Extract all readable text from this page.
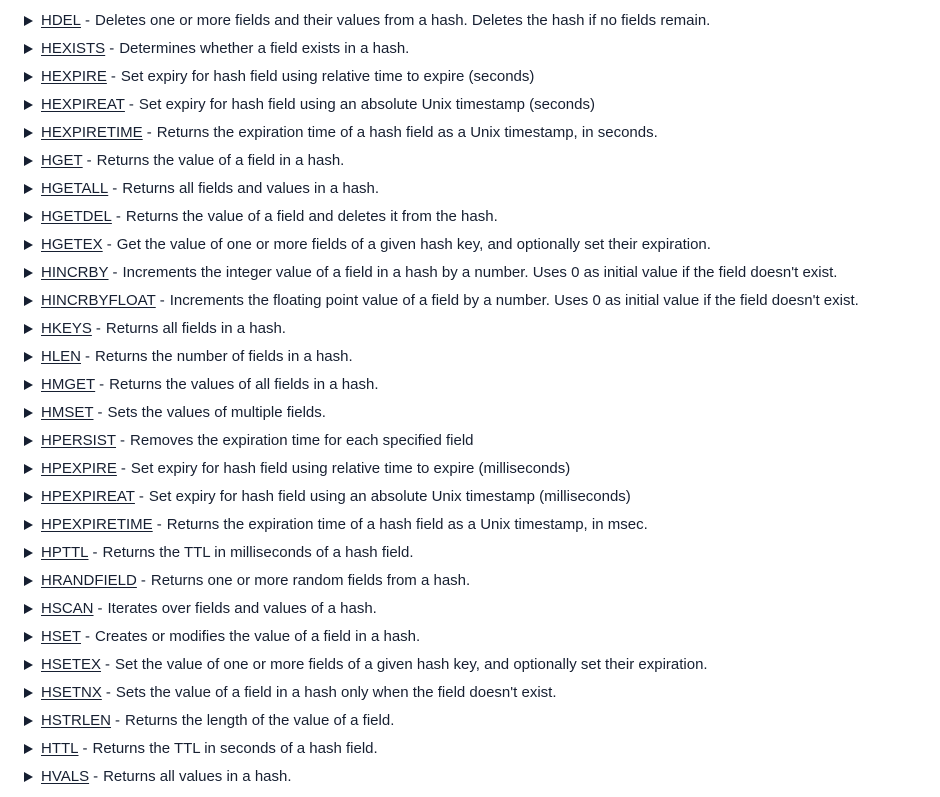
HDEL - Deletes one or more fields and their values from a hash. Deletes the hash if no fields remain.
HEXISTS - Determines whether a field exists in a hash.
HEXPIRE - Set expiry for hash field using relative time to expire (seconds)
HEXPIREAT - Set expiry for hash field using an absolute Unix timestamp (seconds)
HEXPIRETIME - Returns the expiration time of a hash field as a Unix timestamp, in seconds.
HGET - Returns the value of a field in a hash.
HGETALL - Returns all fields and values in a hash.
HGETDEL - Returns the value of a field and deletes it from the hash.
HGETEX - Get the value of one or more fields of a given hash key, and optionally set their expiration.
HINCRBY - Increments the integer value of a field in a hash by a number. Uses 0 as initial value if the field doesn't exist.
HINCRBYFLOAT - Increments the floating point value of a field by a number. Uses 0 as initial value if the field doesn't exist.
HKEYS - Returns all fields in a hash.
HLEN - Returns the number of fields in a hash.
HMGET - Returns the values of all fields in a hash.
HMSET - Sets the values of multiple fields.
HPERSIST - Removes the expiration time for each specified field
HPEXPIRE - Set expiry for hash field using relative time to expire (milliseconds)
HPEXPIREAT - Set expiry for hash field using an absolute Unix timestamp (milliseconds)
HPEXPIRETIME - Returns the expiration time of a hash field as a Unix timestamp, in msec.
HPTTL - Returns the TTL in milliseconds of a hash field.
HRANDFIELD - Returns one or more random fields from a hash.
HSCAN - Iterates over fields and values of a hash.
HSET - Creates or modifies the value of a field in a hash.
HSETEX - Set the value of one or more fields of a given hash key, and optionally set their expiration.
HSETNX - Sets the value of a field in a hash only when the field doesn't exist.
HSTRLEN - Returns the length of the value of a field.
HTTL - Returns the TTL in seconds of a hash field.
HVALS - Returns all values in a hash.
